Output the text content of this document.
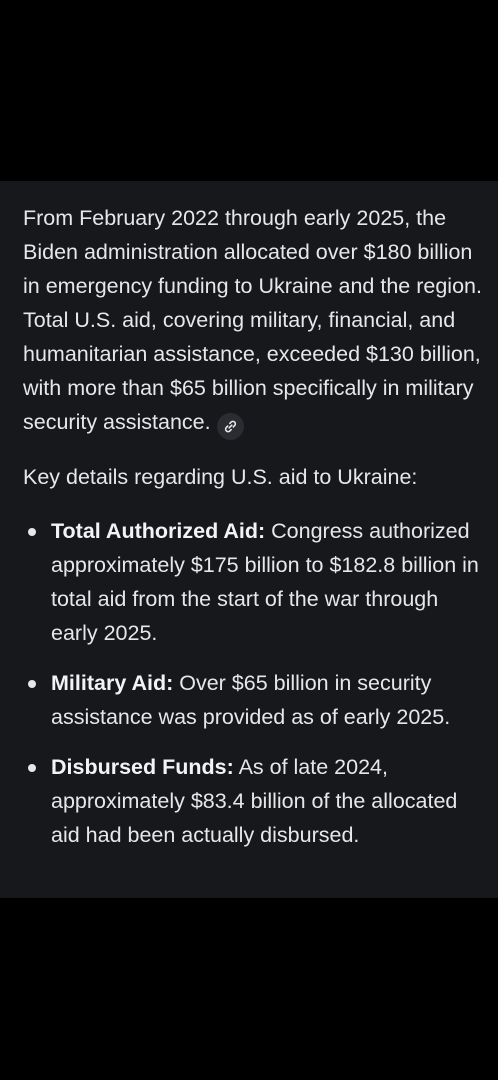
From February 2022 through early 2025, the Biden administration allocated over $180 billion in emergency funding to Ukraine and the region. Total U.S. aid, covering military, financial, and humanitarian assistance, exceeded $130 billion, with more than $65 billion specifically in military security assistance.

Key details regarding U.S. aid to Ukraine:

Total Authorized Aid: Congress authorized approximately $175 billion to $182.8 billion in total aid from the start of the war through early 2025.
Military Aid: Over $65 billion in security assistance was provided as of early 2025.
Disbursed Funds: As of late 2024, approximately $83.4 billion of the allocated aid had been actually disbursed.
